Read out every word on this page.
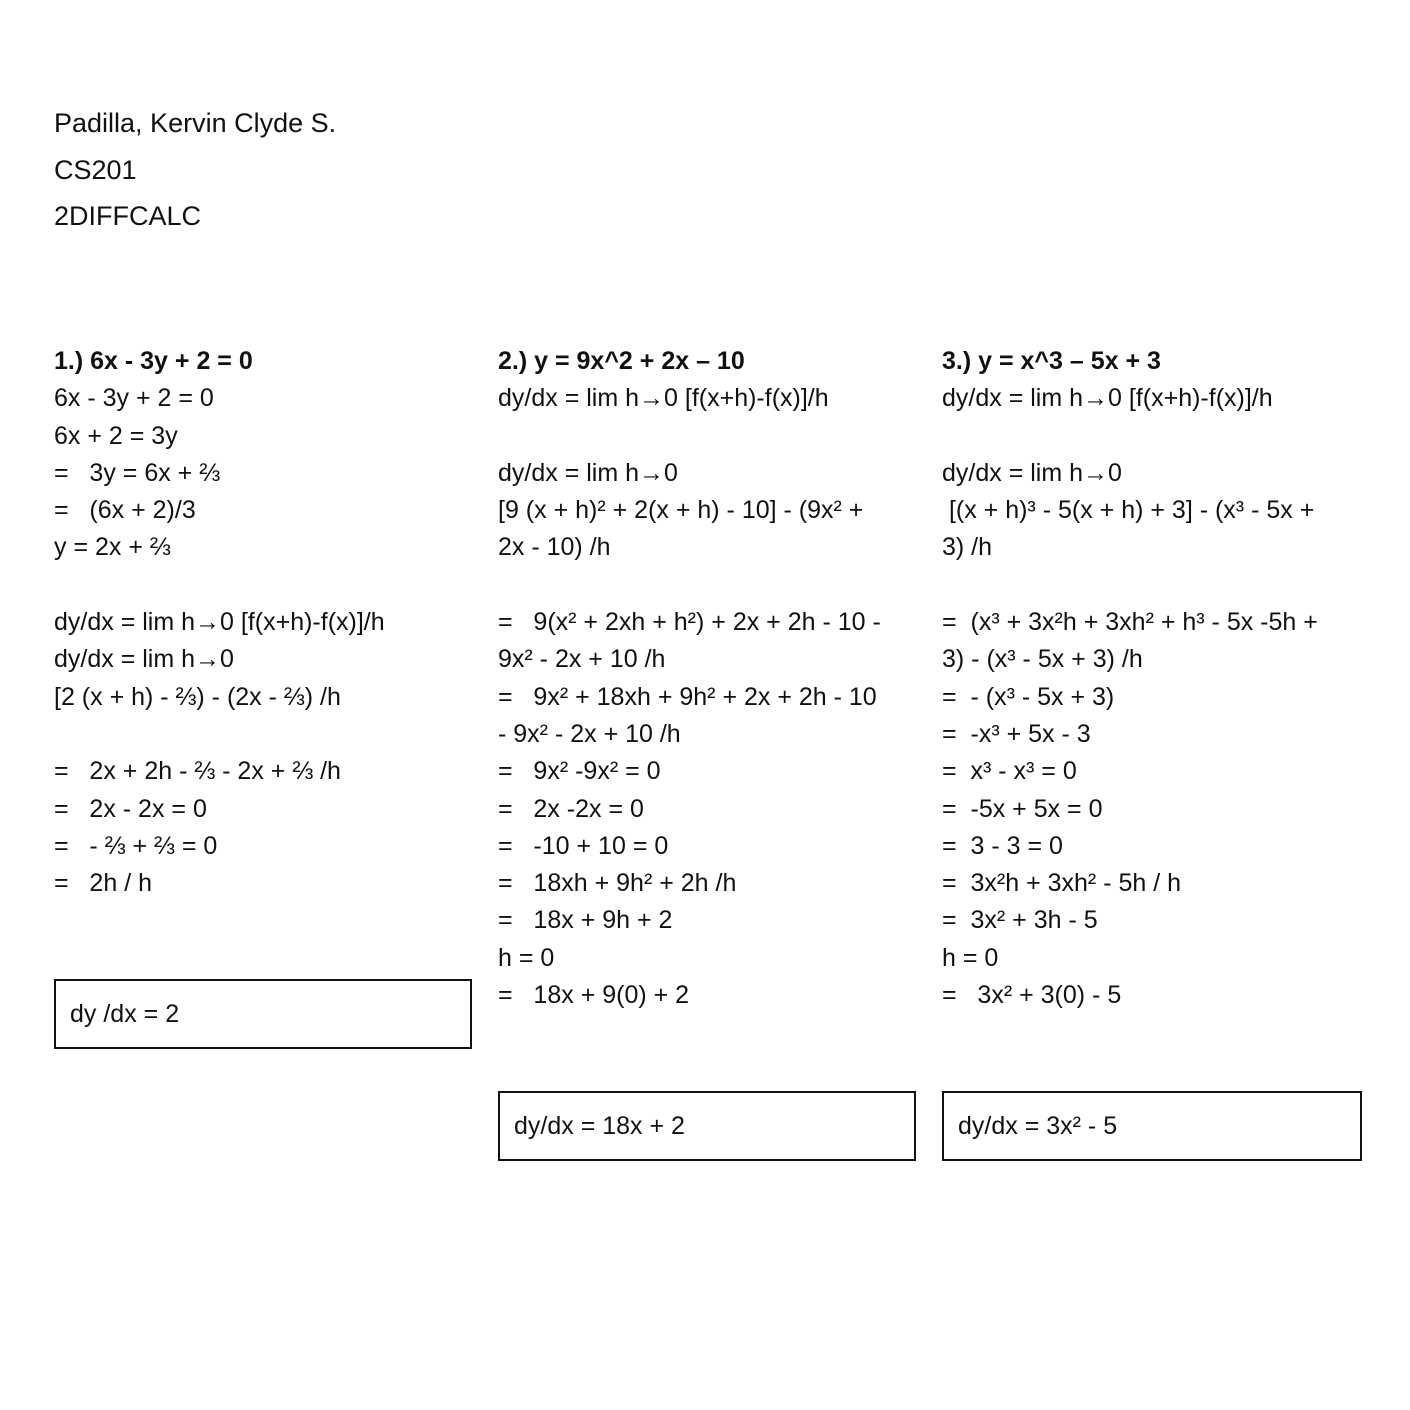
Padilla, Kervin Clyde S.
CS201
2DIFFCALC
1.) 6x - 3y + 2 = 0
6x - 3y + 2 = 0
6x + 2 = 3y
=   3y = 6x + ⅔
=   (6x + 2)/3
y = 2x + ⅔
dy/dx = lim h→0 [f(x+h)-f(x)]/h
dy/dx = lim h→0
[2 (x + h) - ⅔) - (2x - ⅔) /h
=   2x + 2h - ⅔ - 2x + ⅔ /h
=   2x - 2x = 0
=   - ⅔ + ⅔ = 0
=   2h / h
dy /dx = 2
2.) y = 9x^2 + 2x – 10
dy/dx = lim h→0 [f(x+h)-f(x)]/h
dy/dx = lim h→0
[9 (x + h)² + 2(x + h) - 10] - (9x² +
2x - 10) /h
=   9(x² + 2xh + h²) + 2x + 2h - 10 -
9x² - 2x + 10 /h
=   9x² + 18xh + 9h² + 2x + 2h - 10
- 9x² - 2x + 10 /h
=   9x² -9x² = 0
=   2x -2x = 0
=   -10 + 10 = 0
=   18xh + 9h² + 2h /h
=   18x + 9h + 2
h = 0
=   18x + 9(0) + 2
dy/dx = 18x + 2
3.) y = x^3 – 5x + 3
dy/dx = lim h→0 [f(x+h)-f(x)]/h
dy/dx = lim h→0
[(x + h)³ - 5(x + h) + 3] - (x³ - 5x +
3) /h
=  (x³ + 3x²h + 3xh² + h³ - 5x -5h +
3) - (x³ - 5x + 3) /h
=  - (x³ - 5x + 3)
=  -x³ + 5x - 3
=  x³ - x³ = 0
=  -5x + 5x = 0
=  3 - 3 = 0
=  3x²h + 3xh² - 5h / h
=  3x² + 3h - 5
h = 0
=   3x² + 3(0) - 5
dy/dx = 3x² - 5
